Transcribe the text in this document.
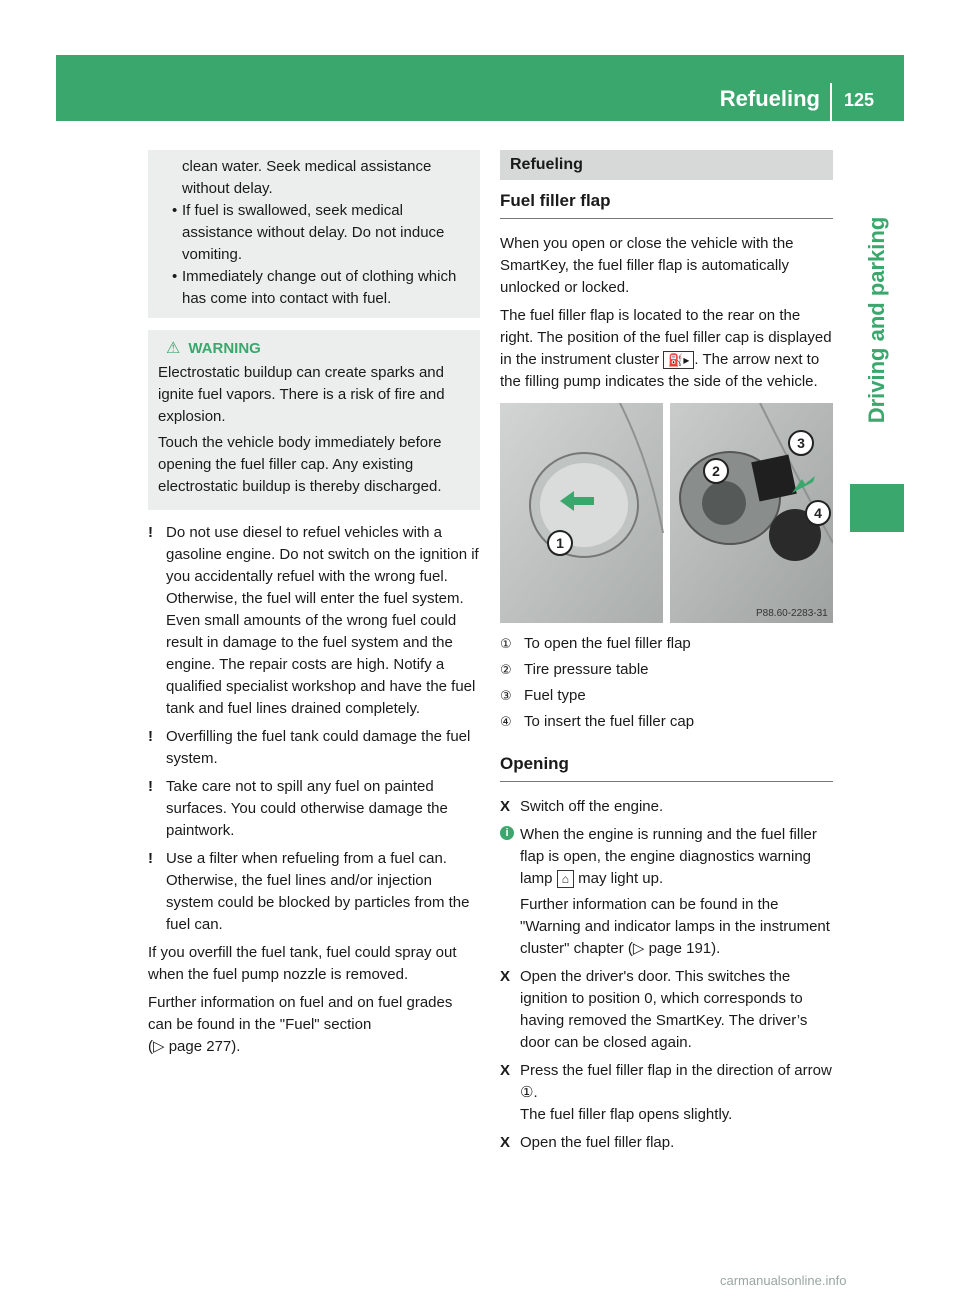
Refueling 125
Driving and parking

clean water. Seek medical assistance without delay.

• If fuel is swallowed, seek medical assistance without delay. Do not induce vomiting.

• Immediately change out of clothing which has come into contact with fuel.

⚠ WARNING

Electrostatic buildup can create sparks and ignite fuel vapors. There is a risk of fire and explosion.

Touch the vehicle body immediately before opening the fuel filler cap. Any existing electrostatic buildup is thereby discharged.

! Do not use diesel to refuel vehicles with a gasoline engine. Do not switch on the ignition if you accidentally refuel with the wrong fuel. Otherwise, the fuel will enter the fuel system. Even small amounts of the wrong fuel could result in damage to the fuel system and the engine. The repair costs are high. Notify a qualified specialist workshop and have the fuel tank and fuel lines drained completely.

! Overfilling the fuel tank could damage the fuel system.

! Take care not to spill any fuel on painted surfaces. You could otherwise damage the paintwork.

! Use a filter when refueling from a fuel can. Otherwise, the fuel lines and/or injection system could be blocked by particles from the fuel can.

If you overfill the fuel tank, fuel could spray out when the fuel pump nozzle is removed.

Further information on fuel and on fuel grades can be found in the "Fuel" section
(▷ page 277).

Refueling
Fuel filler flap

When you open or close the vehicle with the SmartKey, the fuel filler flap is automatically unlocked or locked.

The fuel filler flap is located to the rear on the right. The position of the fuel filler cap is displayed in the instrument cluster ⛽▸ . The arrow next to the filling pump indicates the side of the vehicle.

1
2
3
4
P88.60-2283-31

① To open the fuel filler flap

② Tire pressure table

③ Fuel type

④ To insert the fuel filler cap

Opening

X Switch off the engine.

i When the engine is running and the fuel filler flap is open, the engine diagnostics warning lamp ⌂ may light up.

Further information can be found in the "Warning and indicator lamps in the instrument cluster" chapter (▷ page 191).

X Open the driver's door. This switches the ignition to position 0, which corresponds to having removed the SmartKey. The driver’s door can be closed again.

X Press the fuel filler flap in the direction of arrow ①.
The fuel filler flap opens slightly.

X Open the fuel filler flap.

carmanualsonline.info
